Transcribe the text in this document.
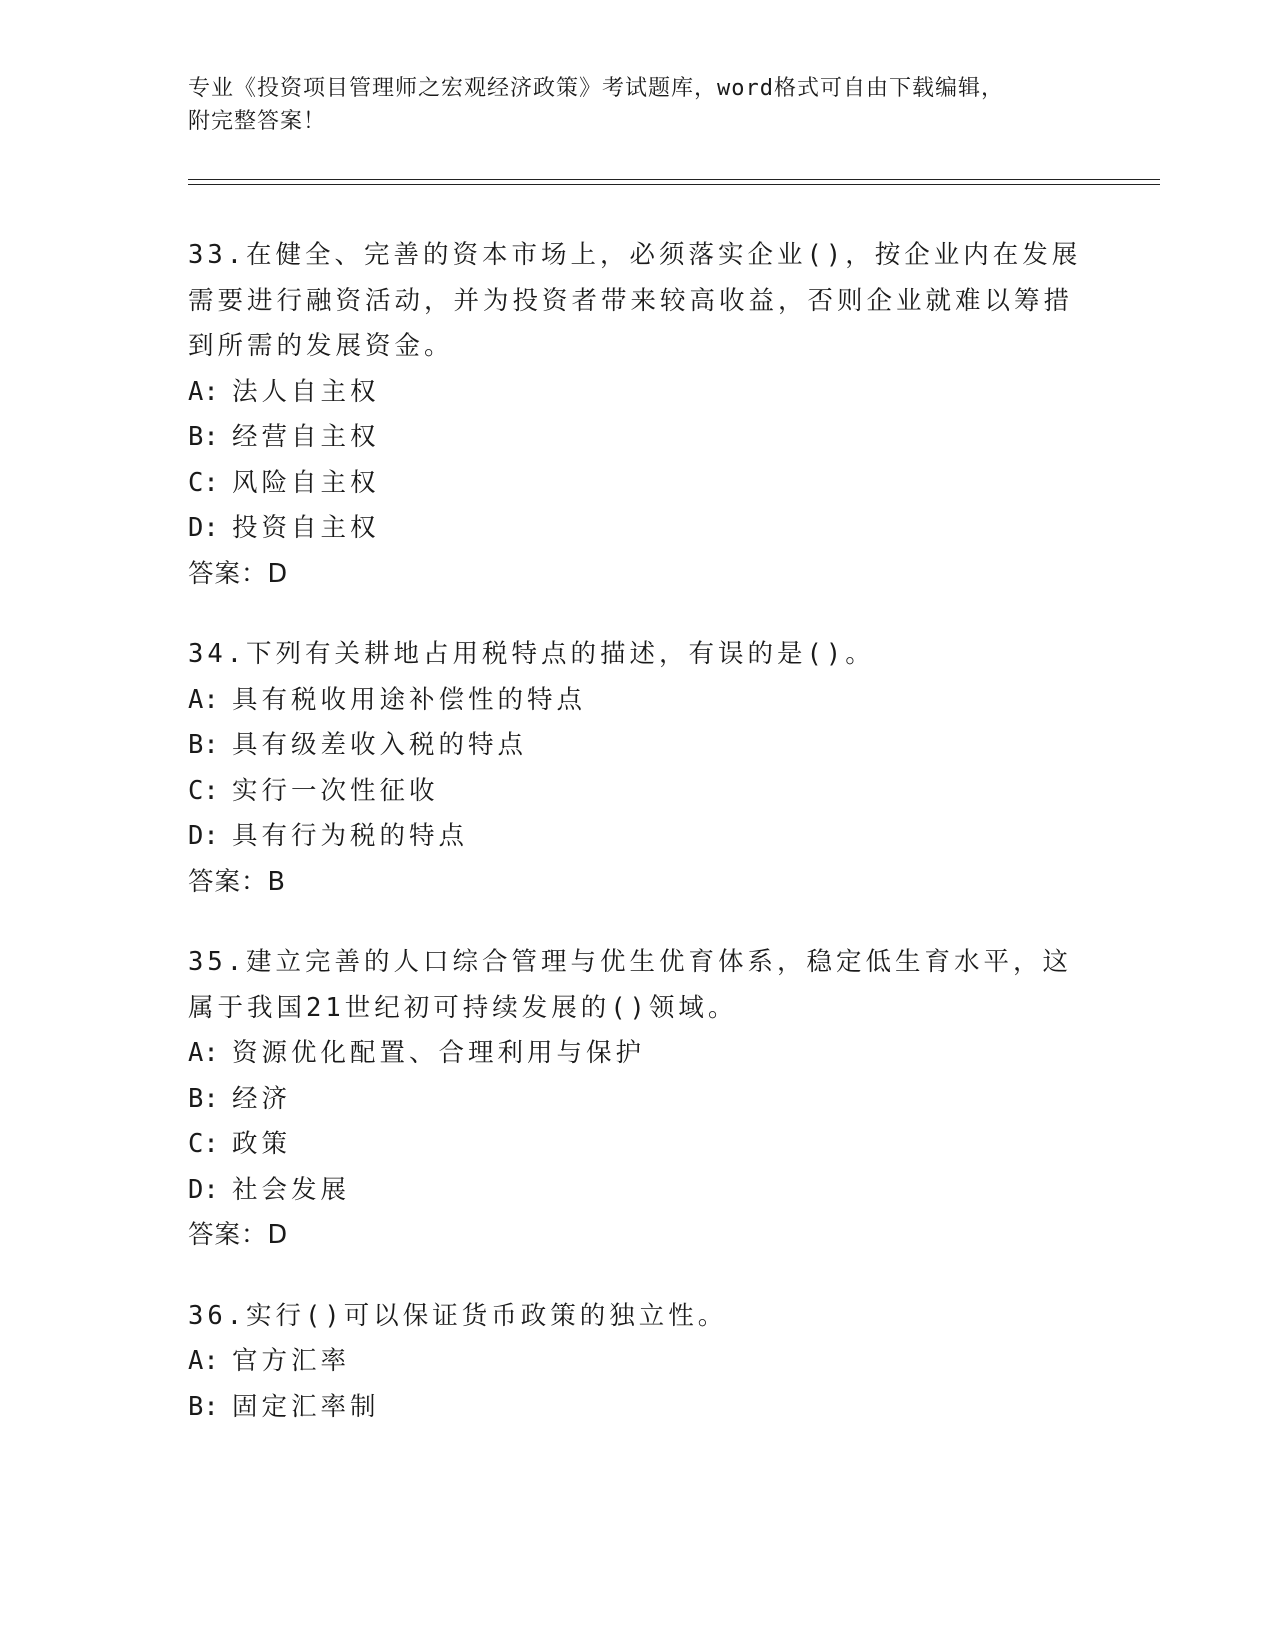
专业《投资项目管理师之宏观经济政策》考试题库，word格式可自由下载编辑，
附完整答案！
33.在健全、完善的资本市场上，必须落实企业()，按企业内在发展需要进行融资活动，并为投资者带来较高收益，否则企业就难以筹措到所需的发展资金。
A: 法人自主权
B: 经营自主权
C: 风险自主权
D: 投资自主权
答案：D
34.下列有关耕地占用税特点的描述，有误的是()。
A: 具有税收用途补偿性的特点
B: 具有级差收入税的特点
C: 实行一次性征收
D: 具有行为税的特点
答案：B
35.建立完善的人口综合管理与优生优育体系，稳定低生育水平，这属于我国21世纪初可持续发展的()领域。
A: 资源优化配置、合理利用与保护
B: 经济
C: 政策
D: 社会发展
答案：D
36.实行()可以保证货币政策的独立性。
A: 官方汇率
B: 固定汇率制
